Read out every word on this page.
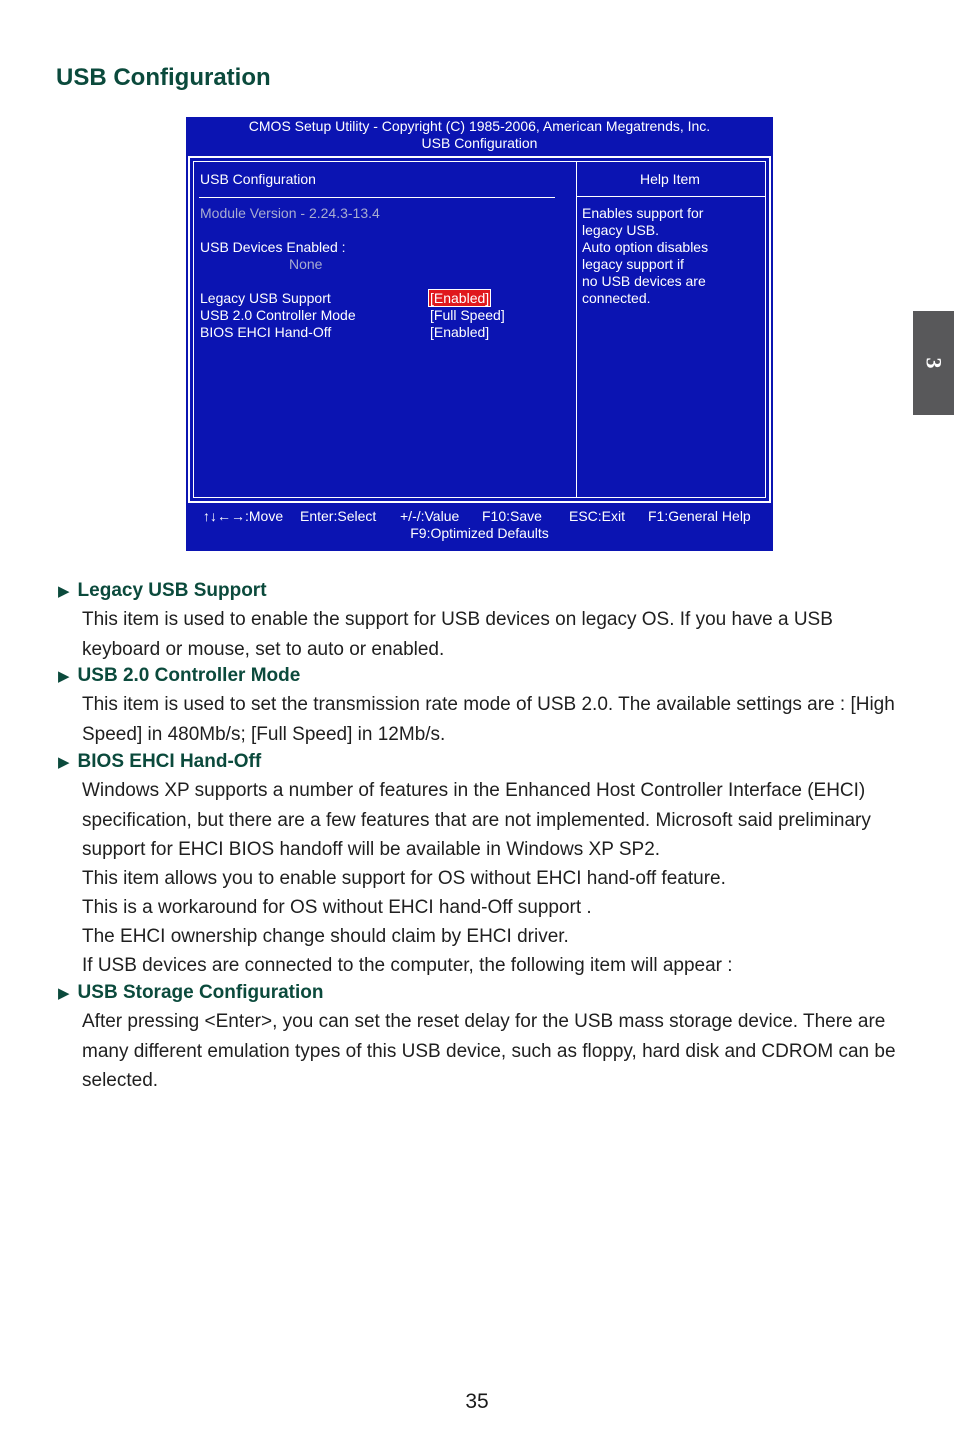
USB Configuration
3
CMOS Setup Utility - Copyright (C) 1985-2006, American Megatrends, Inc.
USB Configuration
USB Configuration
Module Version - 2.24.3-13.4
USB Devices Enabled :
None
Legacy USB Support	[Enabled]
USB 2.0 Controller Mode	[Full Speed]
BIOS EHCI Hand-Off	[Enabled]
Help Item
Enables support for
legacy USB.
Auto option disables
legacy support if
no USB devices are
connected.
↑↓←→:Move Enter:Select +/-/:Value F10:Save ESC:Exit F1:General Help
F9:Optimized Defaults
▶ Legacy USB Support
This item is used to enable the support for USB devices on legacy OS. If you have a USB keyboard or mouse, set to auto or enabled.
▶ USB 2.0 Controller Mode
This item is used to set the transmission rate mode of USB 2.0. The available settings are : [High Speed] in 480Mb/s; [Full Speed] in 12Mb/s.
▶ BIOS EHCI Hand-Off
Windows XP supports a number of features in the Enhanced Host Controller Interface (EHCI) specification, but there are a few features that are not implemented. Microsoft said preliminary support for EHCI BIOS handoff will be available in Windows XP SP2.
This item allows you to enable support for OS without EHCI hand-off feature.
This is a workaround for OS without EHCI hand-Off support .
The EHCI ownership change should claim by EHCI driver.
If USB devices are connected to the computer, the following item will appear :
▶ USB Storage Configuration
After pressing <Enter>, you can set the reset delay for the USB mass storage device. There are many different emulation types of this USB device, such as floppy, hard disk and CDROM can be selected.
35
